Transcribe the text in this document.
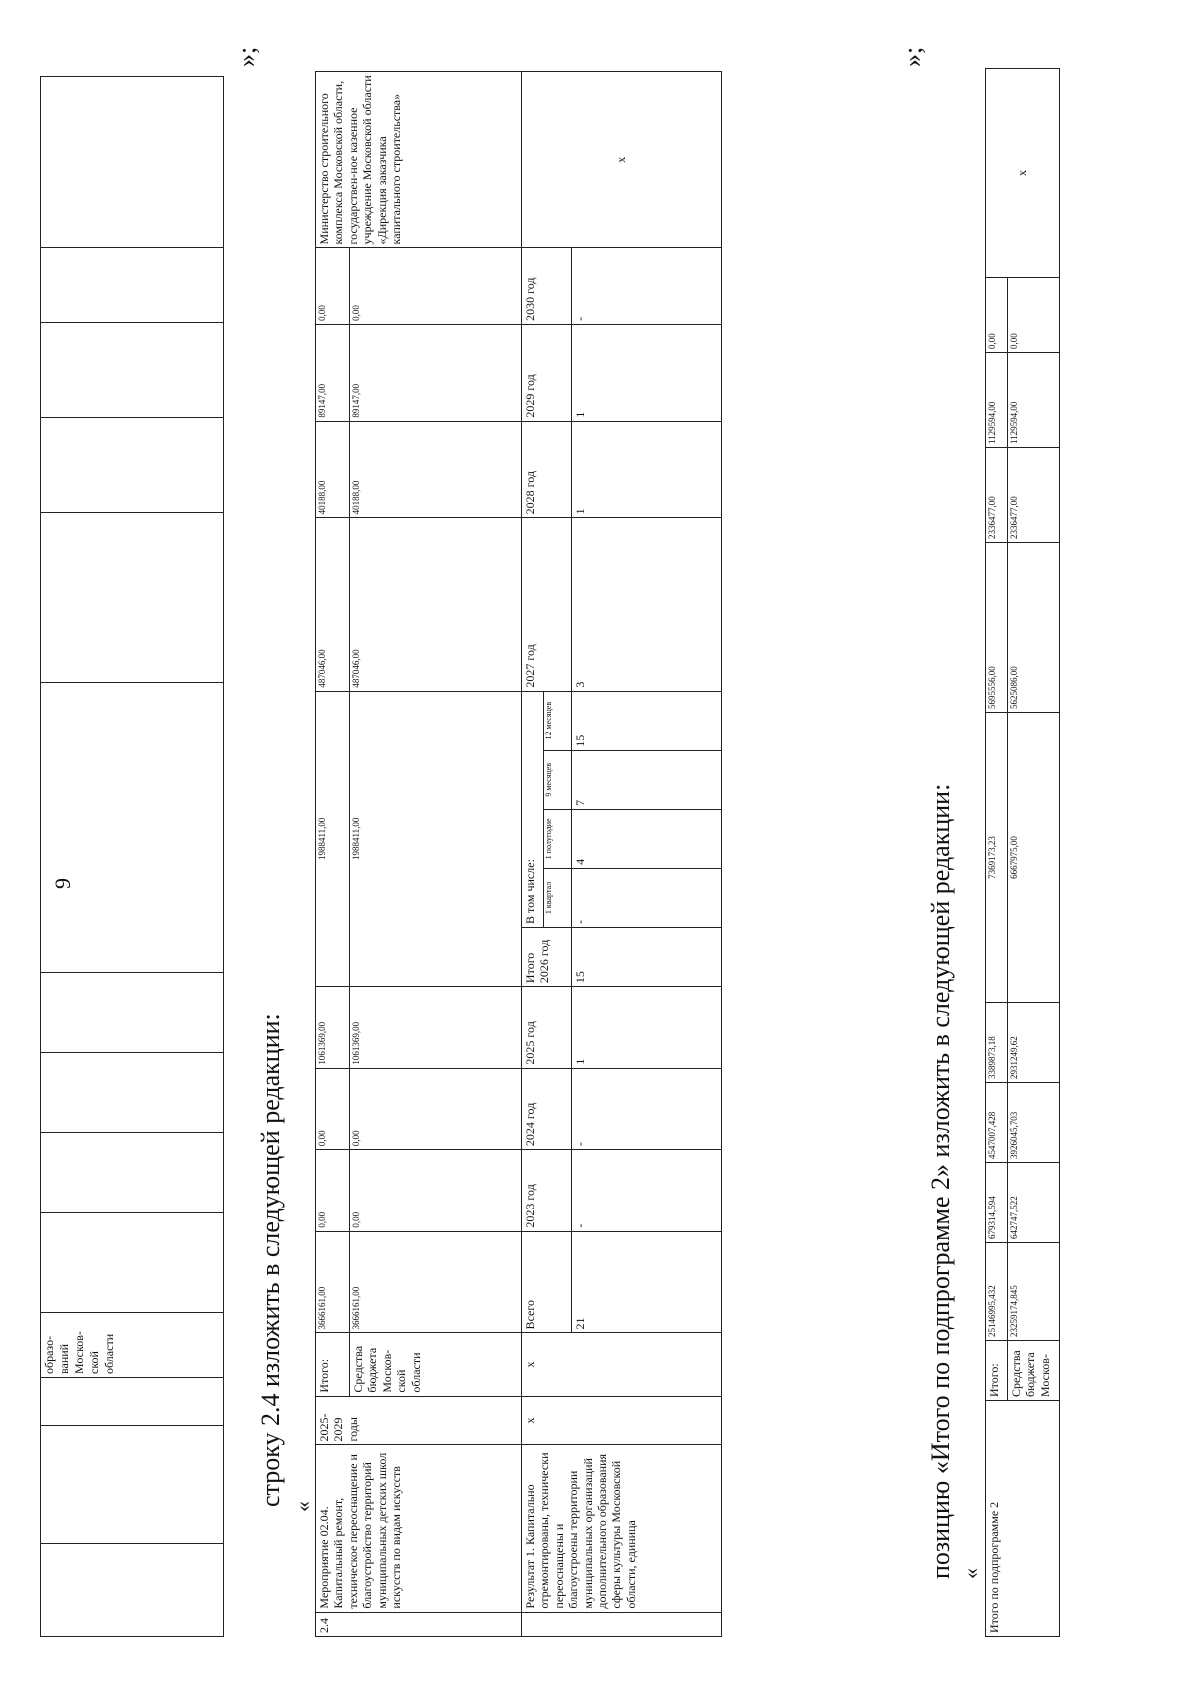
9
			образо-ваний Москов-ской области											строку 2.4 изложить в следующей редакции: «
»;
2.4	Мероприятие 02.04. Капитальный ремонт, техническое переоснащение и благоустройство территорий муниципальных детских школ искусств по видам искусств	2025-2029 годы	Итого:	3666161,00	0,00	0,00	1061369,00	1988411,00					487046,00	40188,00	89147,00	0,00	Министерство строительного комплекса Московской области, государствен-ное казенное учреждение Московской области «Дирекция заказчика капитального строительства»
			Средства бюджета Москов-ской области	3666161,00	0,00	0,00	1061369,00	1988411,00					487046,00	40188,00	89147,00	0,00	
	Результат 1. Капитально отремонтированы, технически переоснащены и благоустроены территории муниципальных организаций дополнительного образования сферы культуры Московской области, единица	х	х	Всего	2023 год	2024 год	2025 год	Итого 2026 год	В том числе:				2027 год	2028 год	2029 год	2030 год	х
									1 квартал	1 полугодие	9 месяцев	12 месяцев					
				21	-	-	1	15	-	4	7	15	3	1	1	-	
позицию «Итого по подпрограмме 2» изложить в следующей редакции: «
»;
Итого по подпрограмме 2	Итого:	25146995,432	679314,594	4547007,428	3389873,18	7369173,23	5695556,00	2336477,00	1129594,00	0,00	х
	Средства бюджета Москов-	23259174,845	642747,522	3926045,703	2931249,62	6667975,00	5625086,00	2336477,00	1129594,00	0,00	
